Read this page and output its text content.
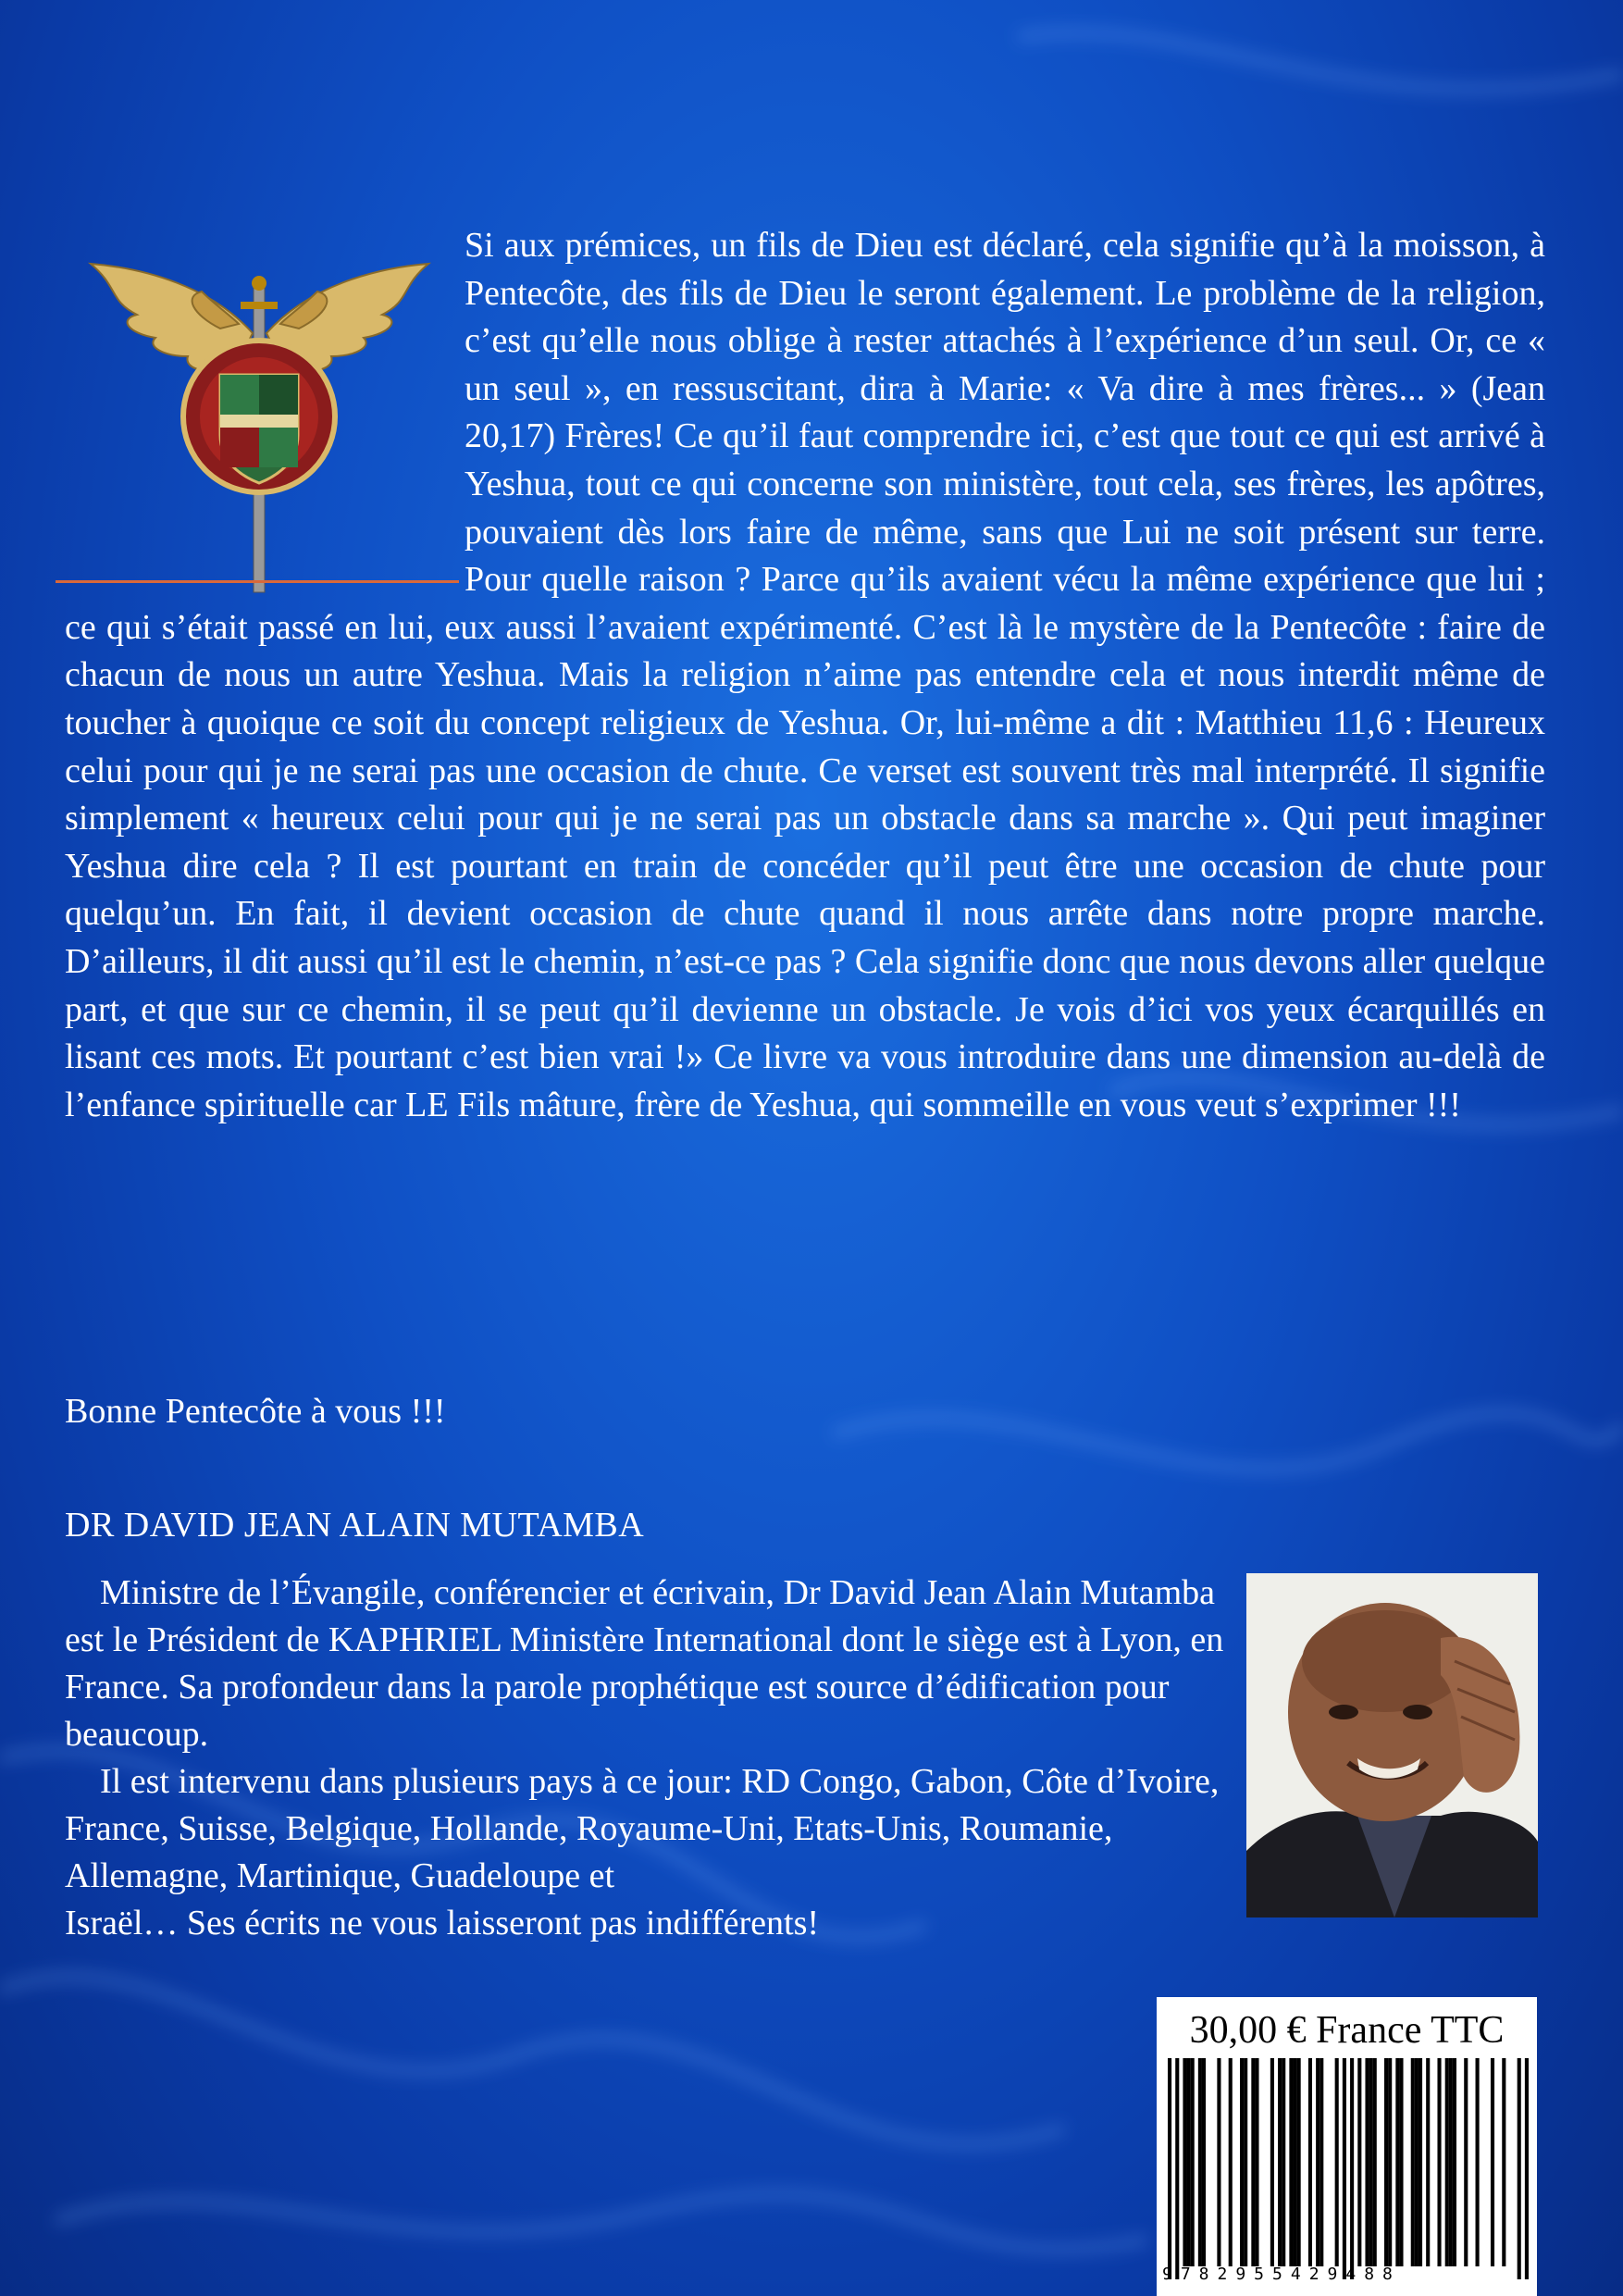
Si aux prémices, un fils de Dieu est déclaré, cela signifie qu’à la moisson, à Pentecôte, des fils de Dieu le seront également. Le problème de la religion, c’est qu’elle nous oblige à rester attachés à l’expérience d’un seul. Or, ce « un seul », en ressuscitant, dira à Marie: « Va dire à mes frères... » (Jean 20,17) Frères! Ce qu’il faut comprendre ici, c’est que tout ce qui est arrivé à Yeshua, tout ce qui concerne son ministère, tout cela, ses frères, les apôtres, pouvaient dès lors faire de même, sans que Lui ne soit présent sur terre. Pour quelle raison ? Parce qu’ils avaient vécu la même expérience que lui ; ce qui s’était passé en lui, eux aussi l’avaient expérimenté. C’est là le mystère de la Pentecôte : faire de chacun de nous un autre Yeshua. Mais la religion n’aime pas entendre cela et nous interdit même de toucher à quoique ce soit du concept religieux de Yeshua. Or, lui-même a dit : Matthieu 11,6 : Heureux celui pour qui je ne serai pas une occasion de chute. Ce verset est souvent très mal interprété. Il signifie simplement « heureux celui pour qui je ne serai pas un obstacle dans sa marche ». Qui peut imaginer Yeshua dire cela ? Il est pourtant en train de concéder qu’il peut être une occasion de chute pour quelqu’un. En fait, il devient occasion de chute quand il nous arrête dans notre propre marche. D’ailleurs, il dit aussi qu’il est le chemin, n’est-ce pas ? Cela signifie donc que nous devons aller quelque part, et que sur ce chemin, il se peut qu’il devienne un obstacle. Je vois d’ici vos yeux écarquillés en lisant ces mots. Et pourtant c’est bien vrai !» Ce livre va vous introduire dans une dimension au-delà de l’enfance spirituelle car LE Fils mâture, frère de Yeshua, qui sommeille en vous veut s’exprimer !!!

Bonne Pentecôte à vous !!!
DR DAVID JEAN ALAIN MUTAMBA

Ministre de l’Évangile, conférencier et écrivain, Dr David Jean Alain Mutamba est le Président de KAPHRIEL Ministère International dont le siège est à Lyon, en France. Sa profondeur dans la parole prophétique est source d’édification pour beaucoup.

Il est intervenu dans plusieurs pays à ce jour: RD Congo, Gabon, Côte d’Ivoire, France, Suisse, Belgique, Hollande, Royaume-Uni, Etats-Unis, Roumanie, Allemagne, Martinique, Guadeloupe et

Israël… Ses écrits ne vous laisseront pas indifférents!

30,00 € France TTC
9782955429488
